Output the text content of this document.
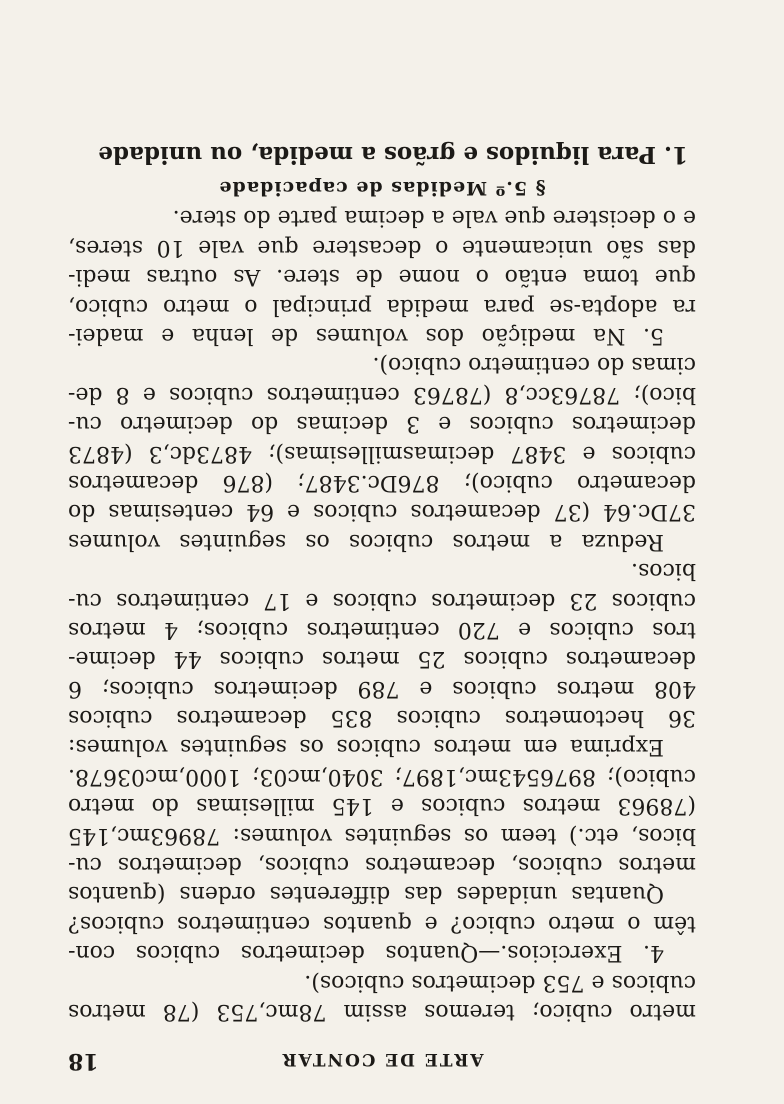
ARTE DE CONTAR
18
metro cubico; teremos assim 78mc,753 (78 metros
cubicos e 753 decimetros cubicos).
4. Exercicios.—Quantos decimetros cubicos con-
têm o metro cubico? e quantos centimetros cubicos?
Quantas unidades das differentes ordens (quantos
metros cubicos, decametros cubicos, decimetros cu-
bicos, etc.) teem os seguintes volumes: 78963mc,145
(78963 metros cubicos e 145 millesimas do metro
cubico); 8976543mc,1897; 3040,mc03; 1000,mc03678.
Exprima em metros cubicos os seguintes volumes:
36 hectometros cubicos 835 decametros cubicos
408 metros cubicos e 789 decimetros cubicos; 6
decametros cubicos 25 metros cubicos 44 decime-
tros cubicos e 720 centimetros cubicos; 4 metros
cubicos 23 decimetros cubicos e 17 centimetros cu-
bicos.
Reduza a metros cubicos os seguintes volumes
37Dc.64 (37 decametros cubicos e 64 centesimas do
decametro cubico); 876Dc.3487; (876 decametros
cubicos e 3487 decimasmillesimas); 4873dc,3 (4873
decimetros cubicos e 3 decimas do decimetro cu-
bico); 78763cc,8 (78763 centimetros cubicos e 8 de-
cimas do centimetro cubico).
5. Na medição dos volumes de lenha e madei-
ra adopta-se para medida principal o metro cubico,
que toma então o nome de stere. As outras medi-
das são unicamente o decastere que vale 10 steres,
e o decistere que vale a decima parte do stere.
§ 5.º Medidas de capacidade
1. Para liquidos e grãos a medida, ou unidade
